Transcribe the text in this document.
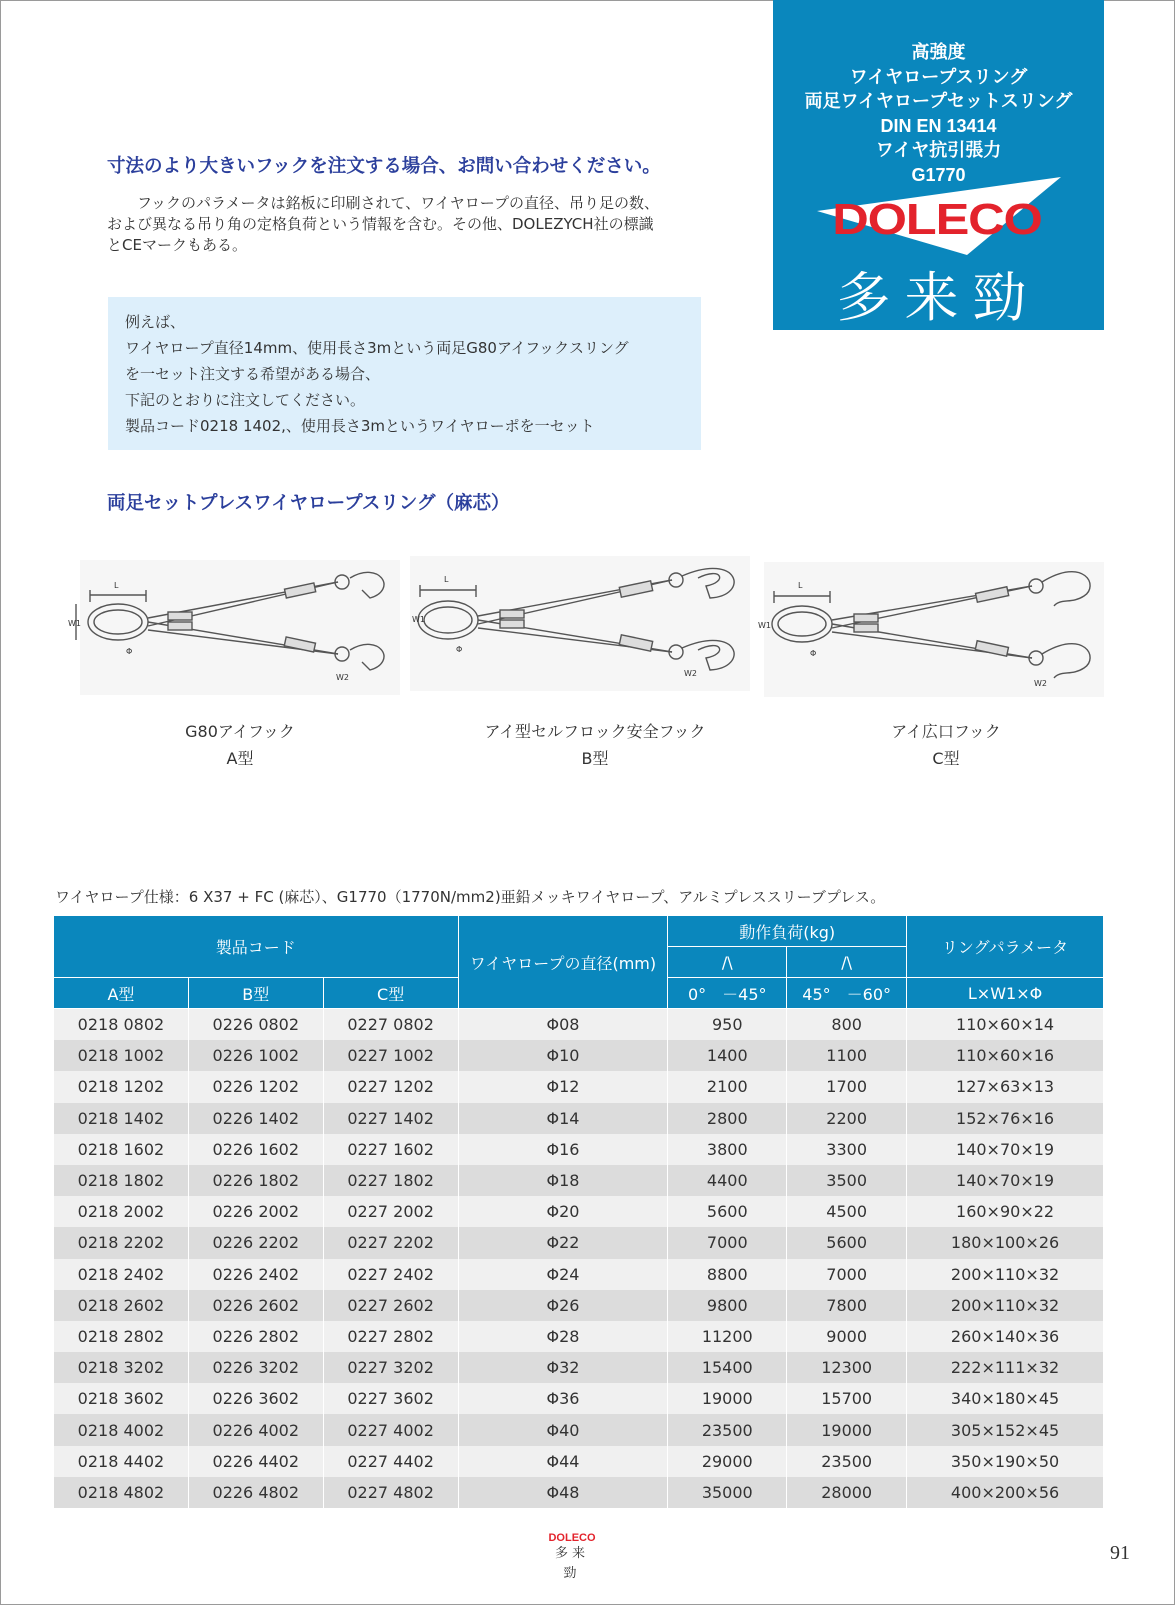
高強度
ワイヤロープスリング
両足ワイヤロープセットスリング
DIN EN 13414
ワイヤ抗引張力
G1770
DOLECO
多来勁
寸法のより大きいフックを注文する場合、お問い合わせください。
　　フックのパラメータは銘板に印刷されて、ワイヤロープの直径、吊り足の数、
および異なる吊り角の定格負荷という情報を含む。その他、DOLEZYCH社の標識
とCEマークもある。
例えば、
ワイヤロープ直径14mm、使用長さ3mという両足G80アイフックスリング
を一セット注文する希望がある場合、
下記のとおりに注文してください。
製品コード0218 1402,、使用長さ3mというワイヤローポを一セット
両足セットプレスワイヤロープスリング（麻芯）
L
W1
Φ
W2
L
W1
Φ
W2
L
W1
Φ
W2
G80アイフック
A型
アイ型セルフロック安全フック
B型
アイ広口フック
C型
ワイヤロープ仕様：6 X37 + FC (麻芯）、G1770（1770N/mm2)亜鉛メッキワイヤロープ、アルミプレススリーブプレス。
製品コード			ワイヤロープの直径(mm)	動作負荷(kg)		リングパラメータ
				/\	/\	
A型	B型	C型		0°　－45°	45°　－60°	L×W1×Φ
0218 0802	0226 0802	0227 0802	Φ08	950	800	110×60×14
0218 1002	0226 1002	0227 1002	Φ10	1400	1100	110×60×16
0218 1202	0226 1202	0227 1202	Φ12	2100	1700	127×63×13
0218 1402	0226 1402	0227 1402	Φ14	2800	2200	152×76×16
0218 1602	0226 1602	0227 1602	Φ16	3800	3300	140×70×19
0218 1802	0226 1802	0227 1802	Φ18	4400	3500	140×70×19
0218 2002	0226 2002	0227 2002	Φ20	5600	4500	160×90×22
0218 2202	0226 2202	0227 2202	Φ22	7000	5600	180×100×26
0218 2402	0226 2402	0227 2402	Φ24	8800	7000	200×110×32
0218 2602	0226 2602	0227 2602	Φ26	9800	7800	200×110×32
0218 2802	0226 2802	0227 2802	Φ28	11200	9000	260×140×36
0218 3202	0226 3202	0227 3202	Φ32	15400	12300	222×111×32
0218 3602	0226 3602	0227 3602	Φ36	19000	15700	340×180×45
0218 4002	0226 4002	0227 4002	Φ40	23500	19000	305×152×45
0218 4402	0226 4402	0227 4402	Φ44	29000	23500	350×190×50
0218 4802	0226 4802	0227 4802	Φ48	35000	28000	400×200×56
DOLECO
多来勁
91
